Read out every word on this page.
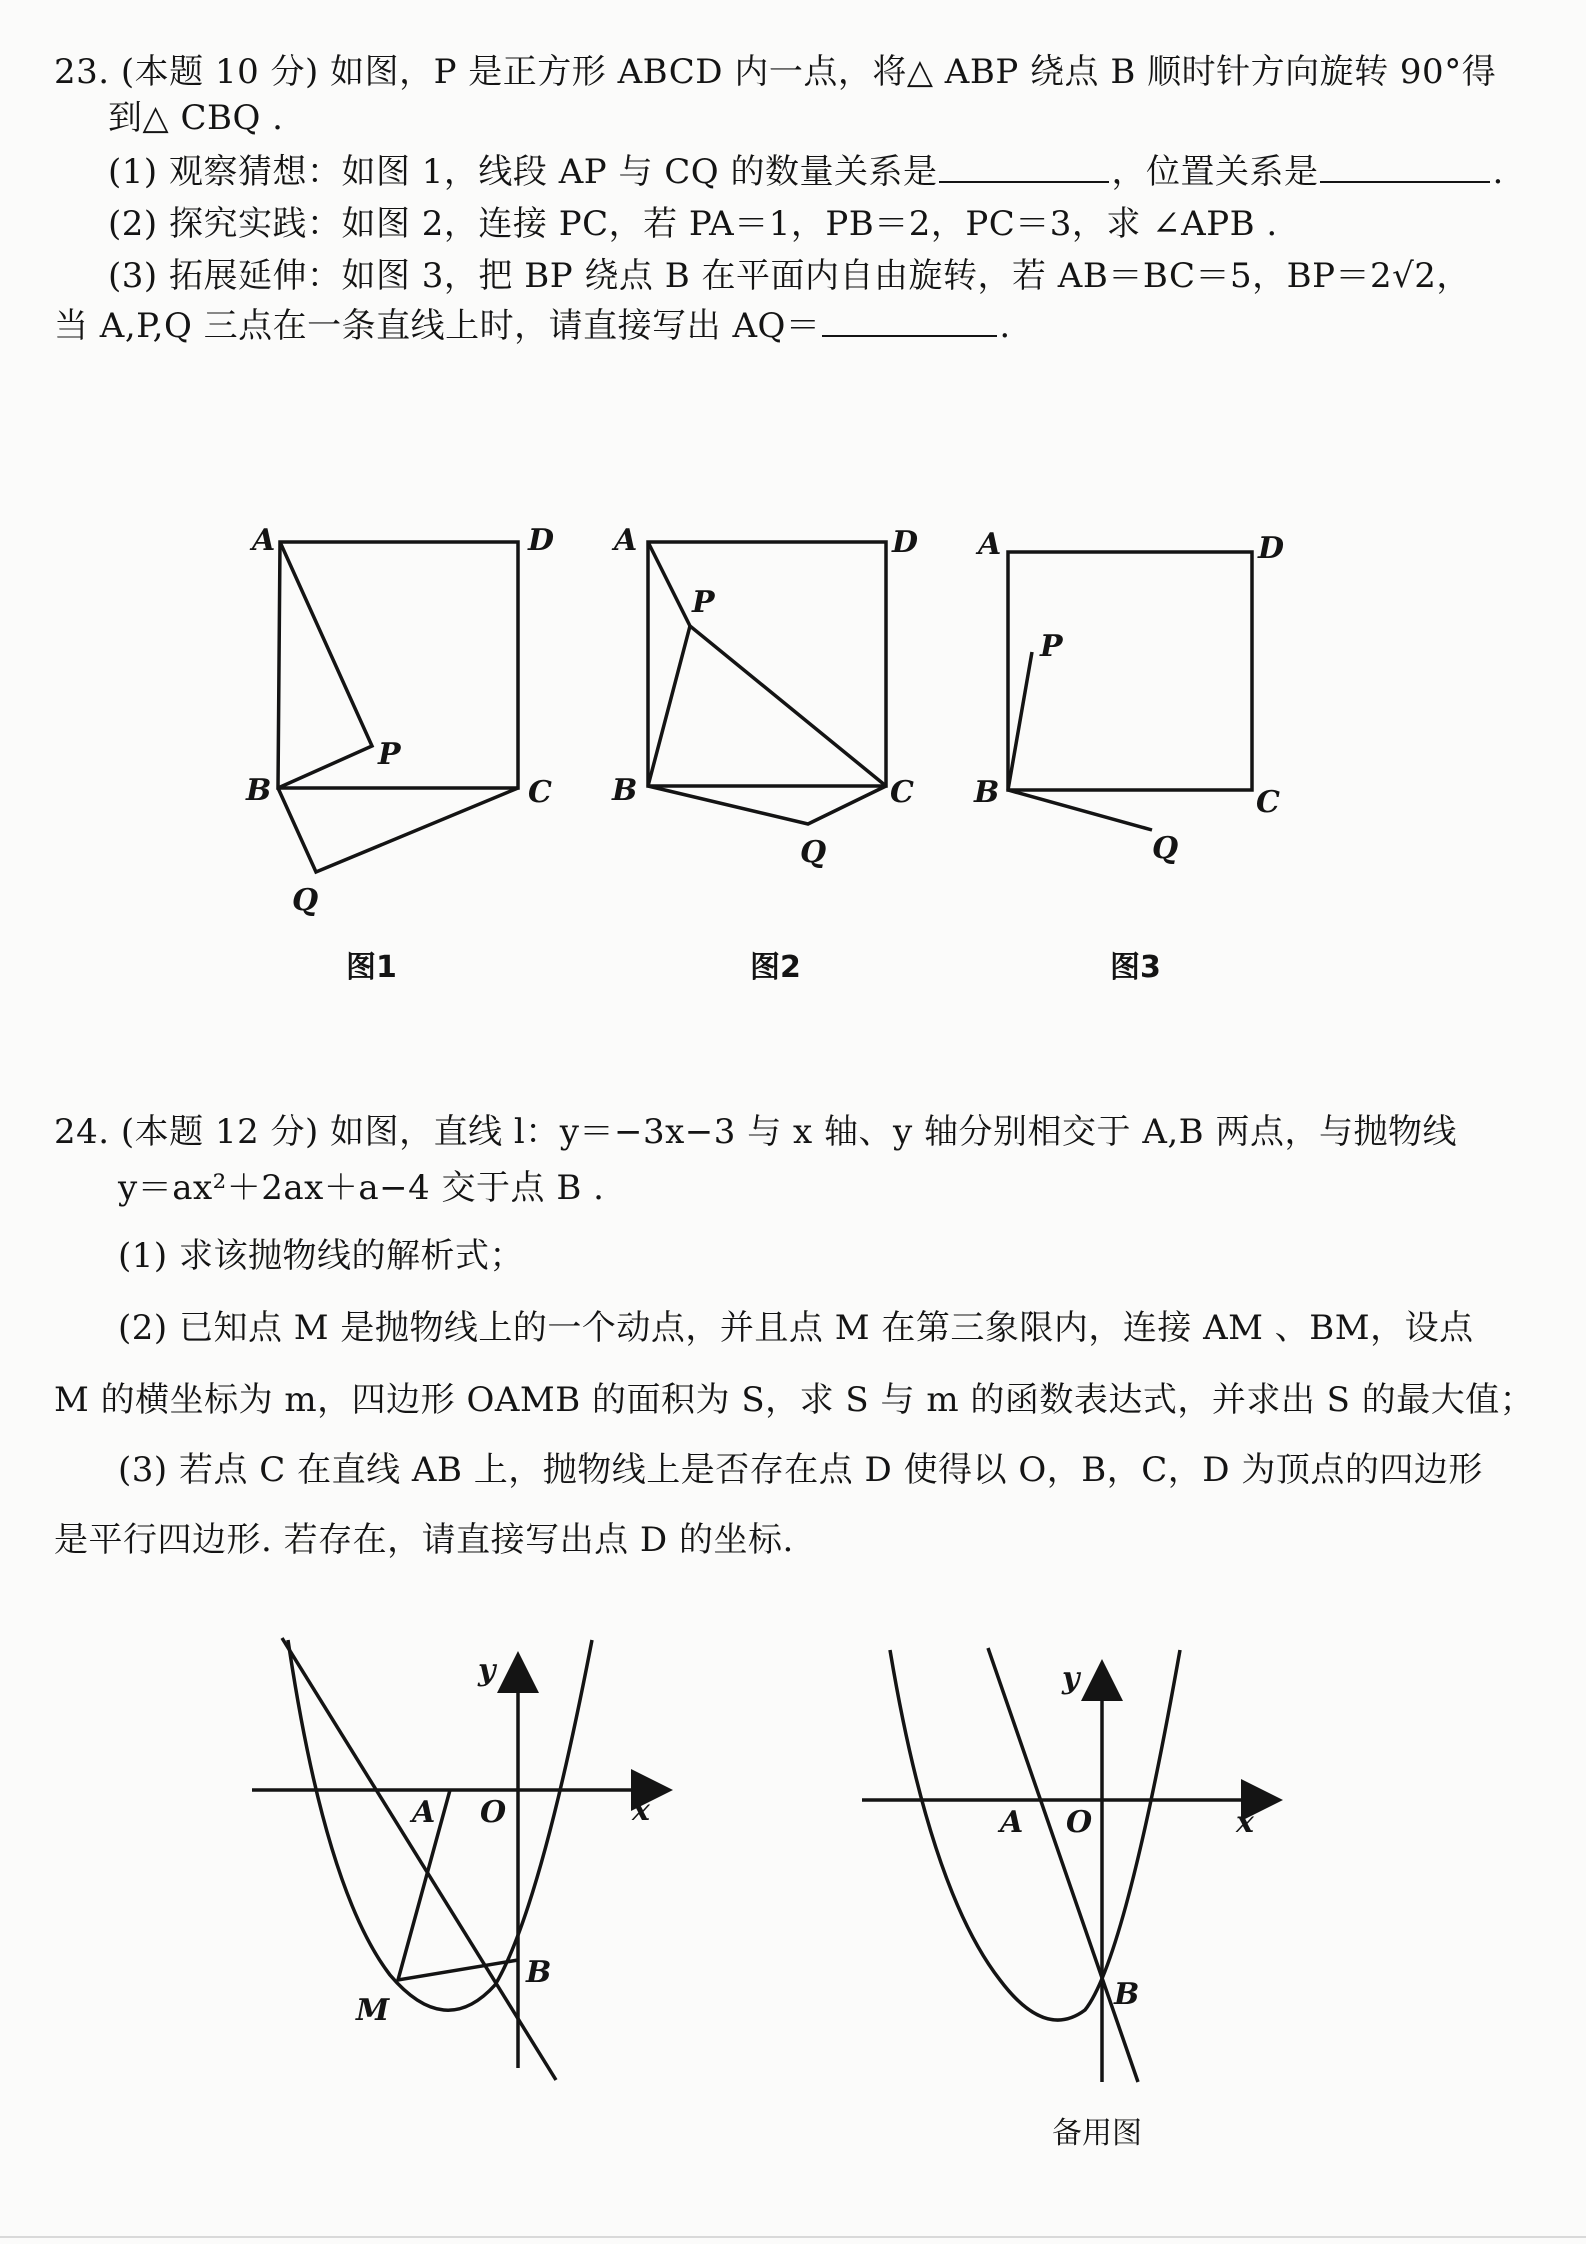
23. (本题 10 分) 如图，P 是正方形 ABCD 内一点，将△ ABP 绕点 B 顺时针方向旋转 90°得
到△ CBQ .
(1) 观察猜想：如图 1，线段 AP 与 CQ 的数量关系是	，位置关系是	.
(2) 探究实践：如图 2，连接 PC，若 PA＝1，PB＝2，PC＝3，求 ∠APB .
(3) 拓展延伸：如图 3，把 BP 绕点 B 在平面内自由旋转，若 AB＝BC＝5，BP＝2√2，
当 A,P,Q 三点在一条直线上时，请直接写出 AQ＝	.
A	D
B	C
P
Q
图1
A	D
P
B	C
Q
图2
A	D
P
B	C
Q
图3
24. (本题 12 分) 如图，直线 l：y＝−3x−3 与 x 轴、y 轴分别相交于 A,B 两点，与抛物线
y＝ax²＋2ax＋a−4 交于点 B .
(1) 求该抛物线的解析式；
(2) 已知点 M 是抛物线上的一个动点，并且点 M 在第三象限内，连接 AM 、BM，设点
M 的横坐标为 m，四边形 OAMB 的面积为 S，求 S 与 m 的函数表达式，并求出 S 的最大值；
(3) 若点 C 在直线 AB 上，抛物线上是否存在点 D 使得以 O，B，C，D 为顶点的四边形
是平行四边形. 若存在，请直接写出点 D 的坐标.
y
x
A O
B
M
y
x
A O
B
备用图
